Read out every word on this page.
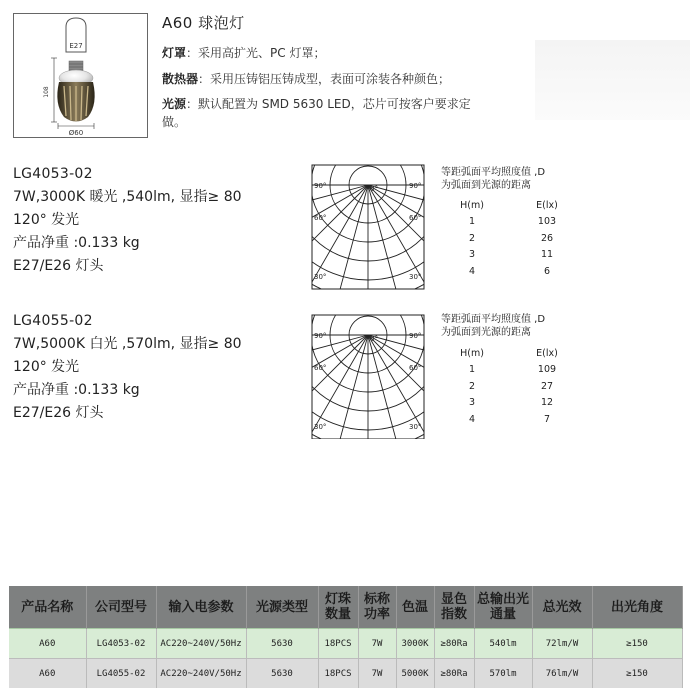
E27
108
Ø60
A60 球泡灯
灯罩：采用高扩光、PC 灯罩；
散热器：采用压铸铝压铸成型，表面可涂装各种颜色；
光源：默认配置为 SMD 5630 LED，芯片可按客户要求定
做。
LG4053-02
7W,3000K 暖光 ,540lm, 显指≥ 80
120° 发光
产品净重 :0.133 kg
E27/E26 灯头
90°	90°
60°	60°
30°	30°
0°
等距弧面平均照度值 ,D
为弧面到光源的距离
H(m)	E(lx)
1	103
2	26
3	11
4	6
LG4055-02
7W,5000K 白光 ,570lm, 显指≥ 80
120° 发光
产品净重 :0.133 kg
E27/E26 灯头
90°	90°
60°	60°
30°	30°
0°
等距弧面平均照度值 ,D
为弧面到光源的距离
H(m)	E(lx)
1	109
2	27
3	12
4	7
产品名称	公司型号	输入电参数	光源类型	灯珠数量	标称功率	色温	显色指数	总输出光通量	总光效	出光角度
A60	LG4053-02	AC220~240V/50Hz	5630	18PCS	7W	3000K	≥80Ra	540lm	72lm/W	≥150
A60	LG4055-02	AC220~240V/50Hz	5630	18PCS	7W	5000K	≥80Ra	570lm	76lm/W	≥150
